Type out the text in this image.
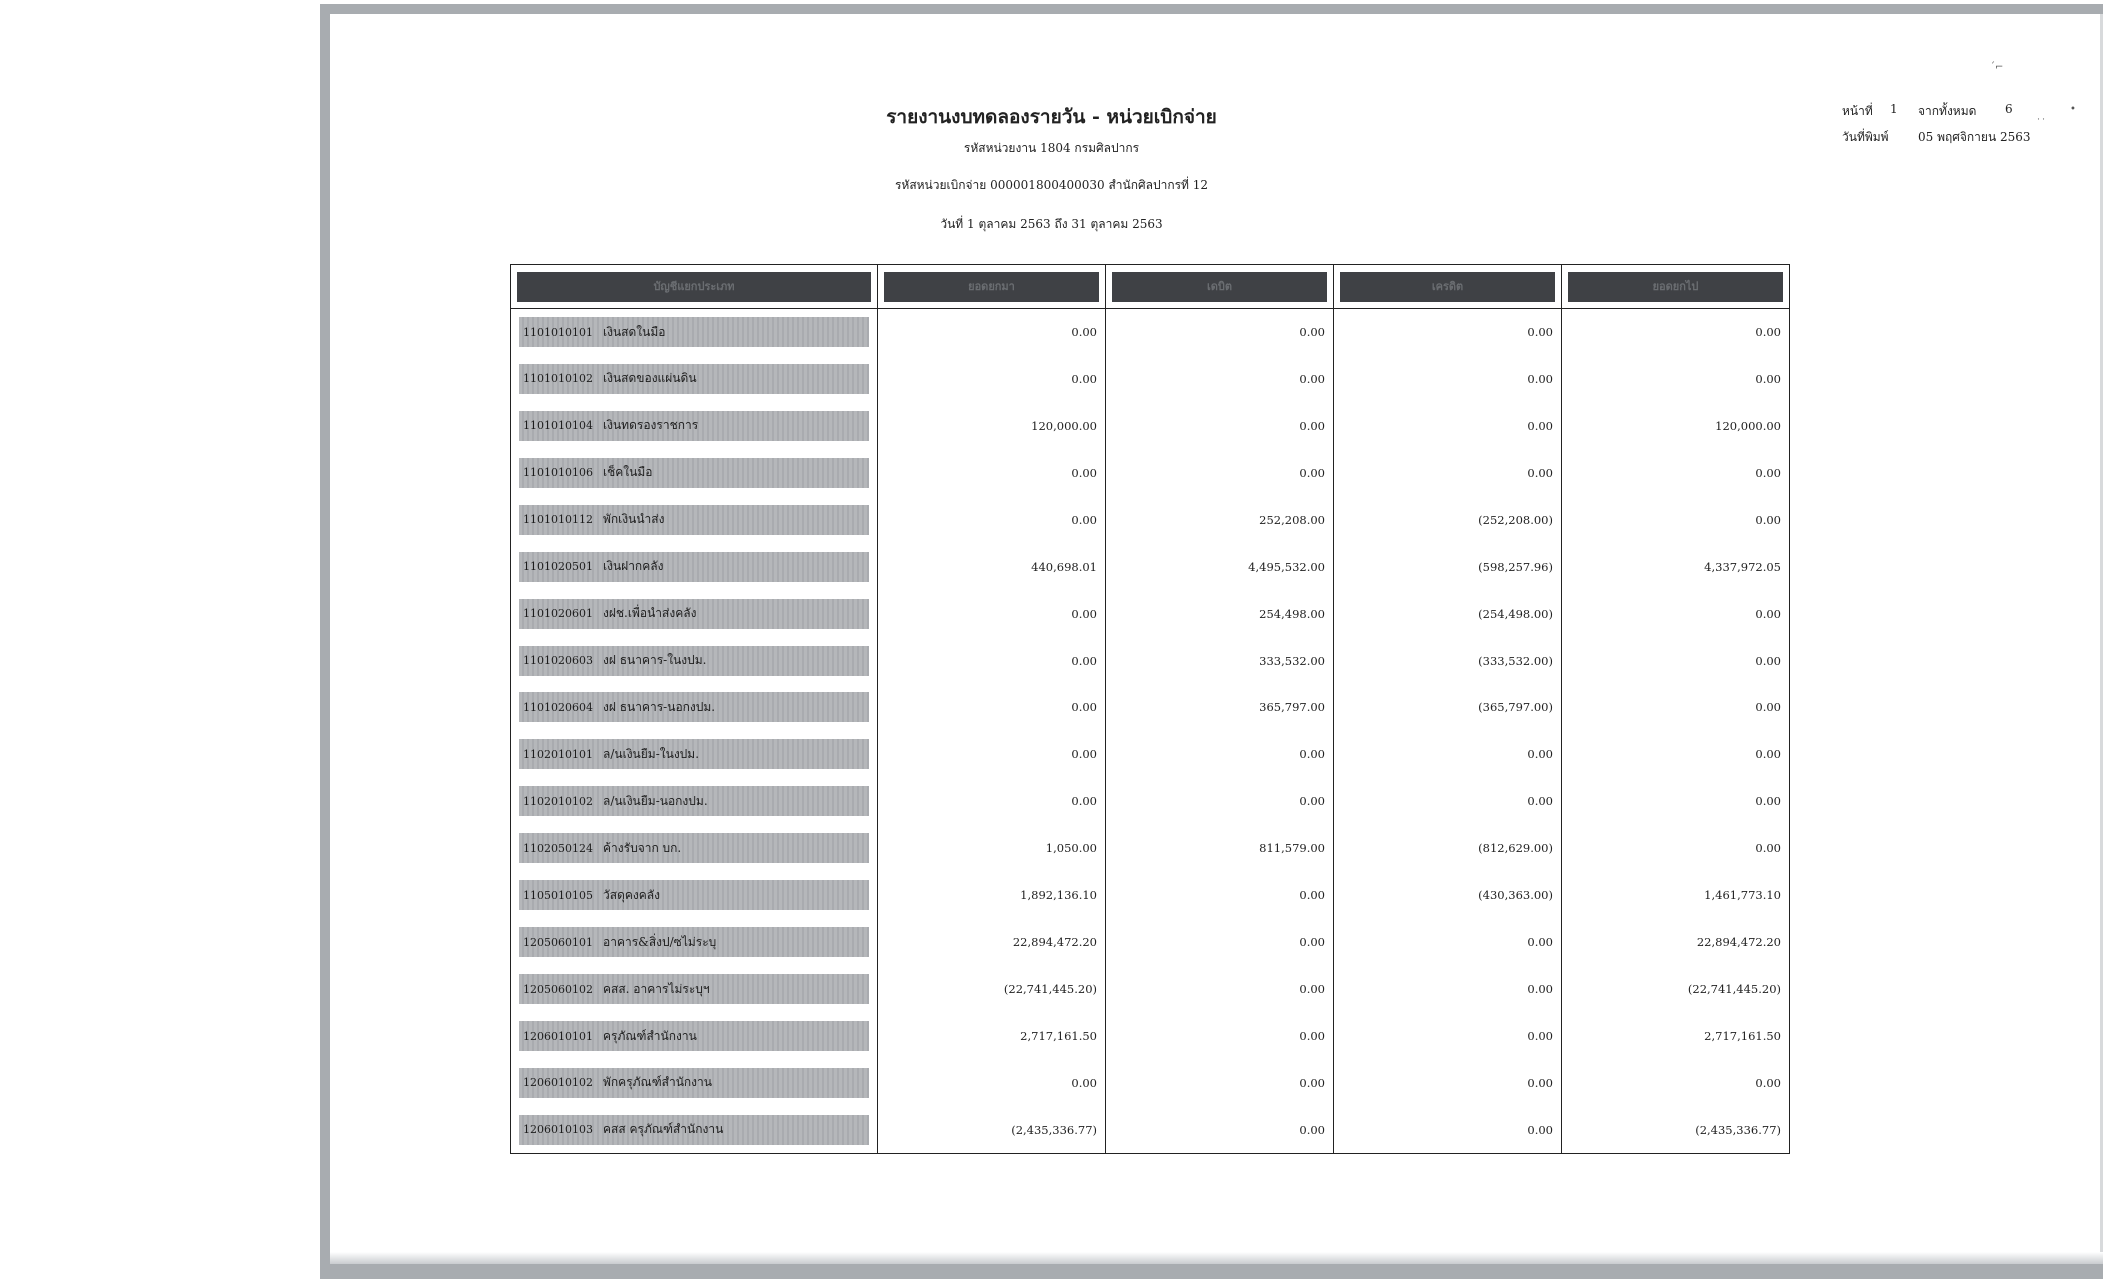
ˊ⌐
•
˙˙
รายงานงบทดลองรายวัน - หน่วยเบิกจ่าย
รหัสหน่วยงาน 1804 กรมศิลปากร
รหัสหน่วยเบิกจ่าย 000001800400030 สำนักศิลปากรที่ 12
วันที่ 1 ตุลาคม 2563 ถึง 31 ตุลาคม 2563
หน้าที่ 1 จากทั้งหมด 6
วันที่พิมพ์ 05 พฤศจิกายน 2563
บัญชีแยกประเภท	ยอดยกมา	เดบิต	เครดิต	ยอดยกไป

1101010101 เงินสดในมือ	0.00	0.00	0.00	0.00

1101010102 เงินสดของแผ่นดิน	0.00	0.00	0.00	0.00

1101010104 เงินทดรองราชการ	120,000.00	0.00	0.00	120,000.00

1101010106 เช็คในมือ	0.00	0.00	0.00	0.00

1101010112 พักเงินนำส่ง	0.00	252,208.00	(252,208.00)	0.00

1101020501 เงินฝากคลัง	440,698.01	4,495,532.00	(598,257.96)	4,337,972.05

1101020601 งฝช.เพื่อนำส่งคลัง	0.00	254,498.00	(254,498.00)	0.00

1101020603 งฝ ธนาคาร-ในงปม.	0.00	333,532.00	(333,532.00)	0.00

1101020604 งฝ ธนาคาร-นอกงปม.	0.00	365,797.00	(365,797.00)	0.00

1102010101 ล/นเงินยืม-ในงปม.	0.00	0.00	0.00	0.00

1102010102 ล/นเงินยืม-นอกงปม.	0.00	0.00	0.00	0.00

1102050124 ค้างรับจาก บก.	1,050.00	811,579.00	(812,629.00)	0.00

1105010105 วัสดุคงคลัง	1,892,136.10	0.00	(430,363.00)	1,461,773.10

1205060101 อาคาร&สิ่งป/ซไม่ระบุ	22,894,472.20	0.00	0.00	22,894,472.20

1205060102 คสส. อาคารไม่ระบุฯ	(22,741,445.20)	0.00	0.00	(22,741,445.20)

1206010101 ครุภัณฑ์สำนักงาน	2,717,161.50	0.00	0.00	2,717,161.50

1206010102 พักครุภัณฑ์สำนักงาน	0.00	0.00	0.00	0.00

1206010103 คสส ครุภัณฑ์สำนักงาน	(2,435,336.77)	0.00	0.00	(2,435,336.77)
